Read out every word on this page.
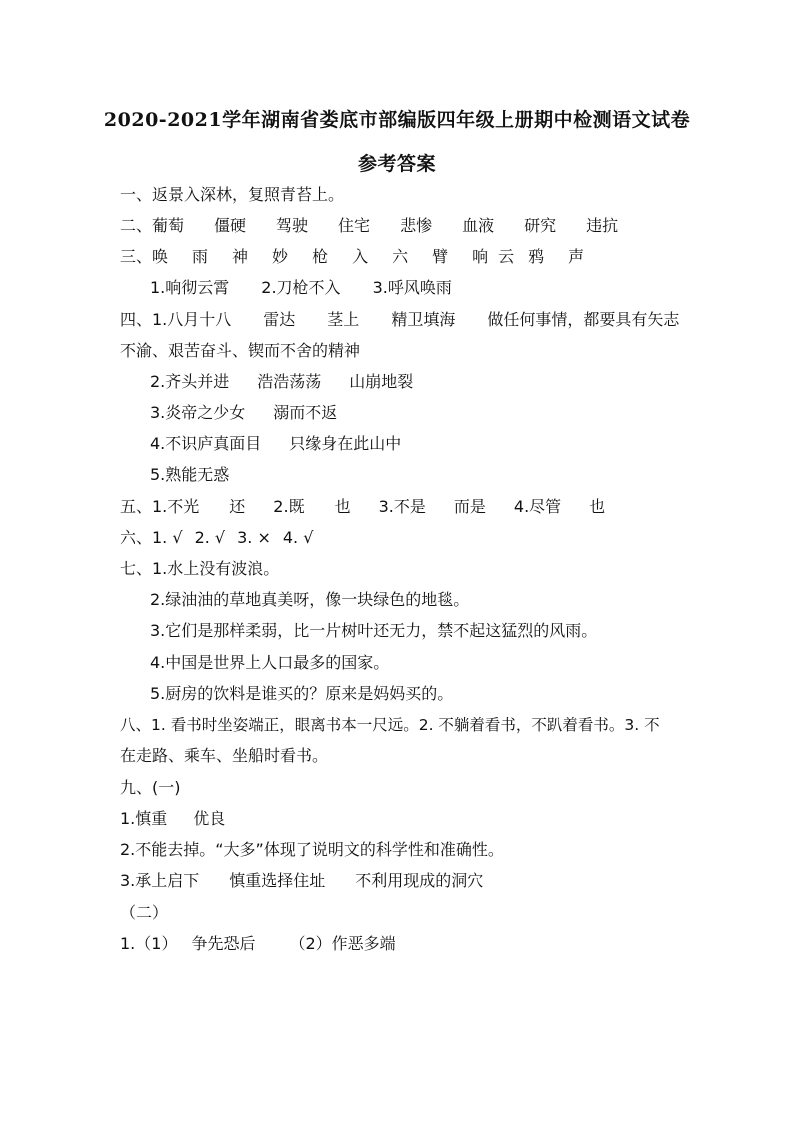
2020-2021学年湖南省娄底市部编版四年级上册期中检测语文试卷
参考答案
一、返景入深林，复照青苔上。
二、葡萄 僵硬 驾驶 住宅 悲惨 血液 研究 违抗
三、唤 雨 神 妙 枪 入 六 臂 响 云 鸦 声
1.响彻云霄 2.刀枪不入 3.呼风唤雨
四、1.八月十八 雷达 茎上 精卫填海 做任何事情，都要具有矢志
不渝、艰苦奋斗、锲而不舍的精神
2.齐头并进 浩浩荡荡 山崩地裂
3.炎帝之少女 溺而不返
4.不识庐真面目 只缘身在此山中
5.熟能无惑
五、1.不光 还 2.既 也 3.不是 而是 4.尽管 也
六、1. √ 2. √ 3. × 4. √
七、1.水上没有波浪。
2.绿油油的草地真美呀，像一块绿色的地毯。
3.它们是那样柔弱，比一片树叶还无力，禁不起这猛烈的风雨。
4.中国是世界上人口最多的国家。
5.厨房的饮料是谁买的？原来是妈妈买的。
八、1. 看书时坐姿端正，眼离书本一尺远。2. 不躺着看书，不趴着看书。3. 不
在走路、乘车、坐船时看书。
九、(一)
1.慎重 优良
2.不能去掉。“大多”体现了说明文的科学性和准确性。
3.承上启下 慎重选择住址 不利用现成的洞穴
（二）
1.（1） 争先恐后 （2）作恶多端
